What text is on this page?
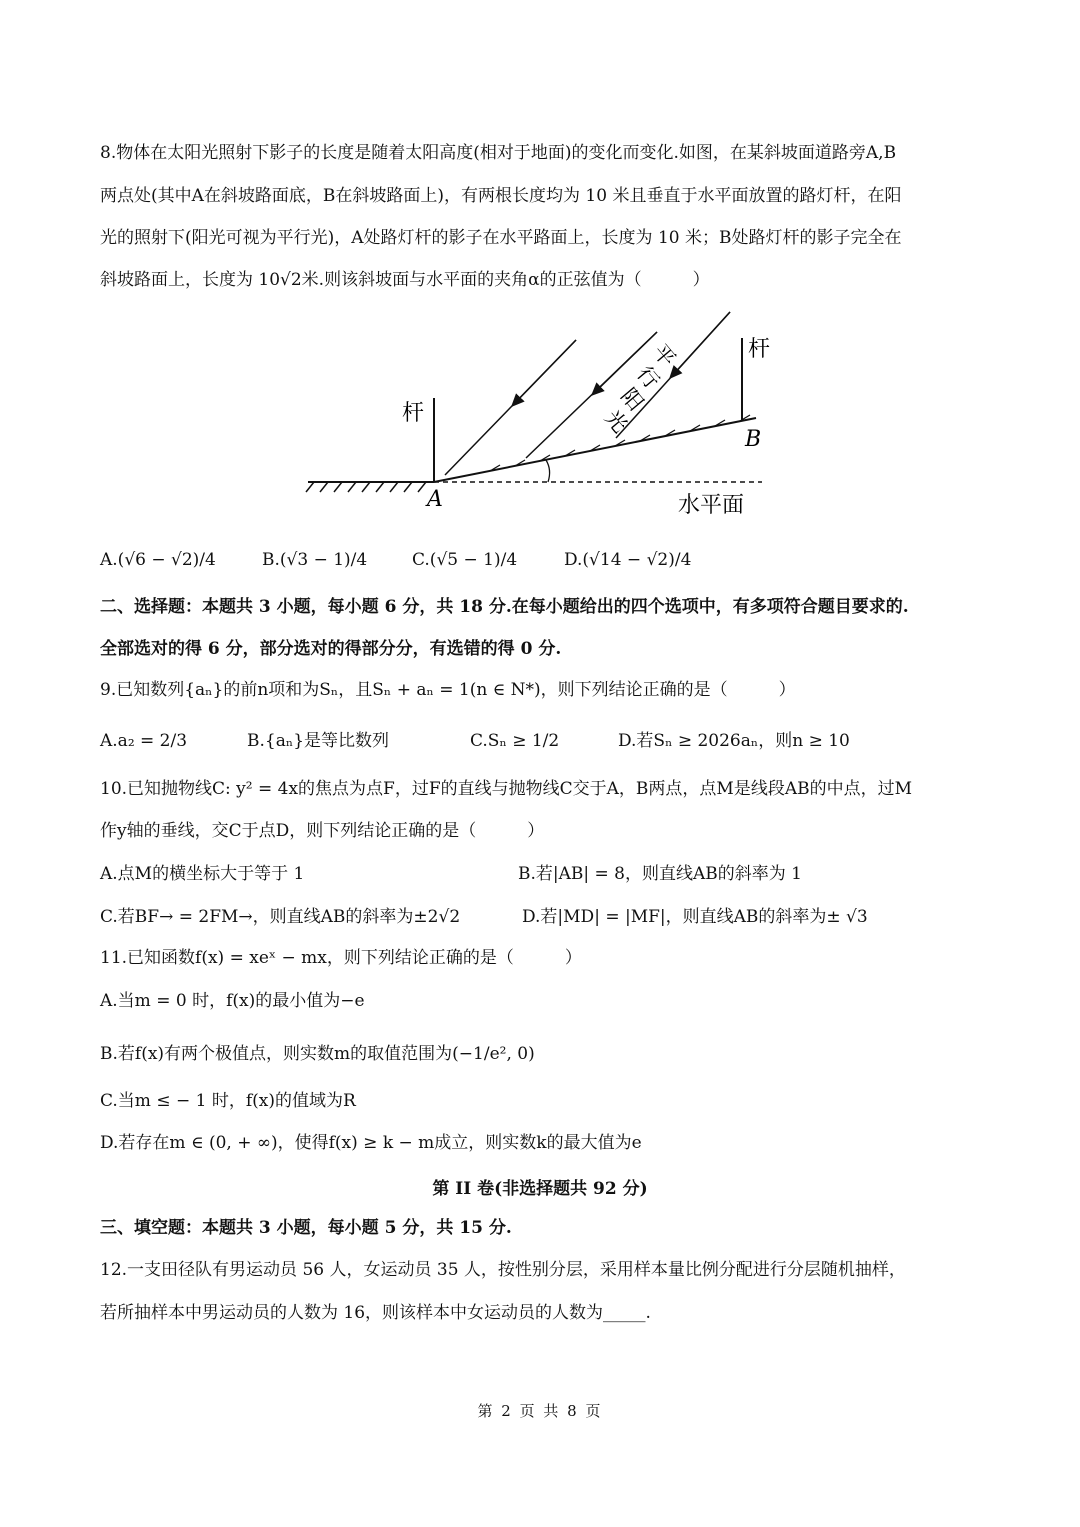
8.物体在太阳光照射下影子的长度是随着太阳高度(相对于地面)的变化而变化.如图，在某斜坡面道路旁A,B
两点处(其中A在斜坡路面底，B在斜坡路面上)，有两根长度均为 10 米且垂直于水平面放置的路灯杆，在阳
光的照射下(阳光可视为平行光)，A处路灯杆的影子在水平路面上，长度为 10 米；B处路灯杆的影子完全在
斜坡路面上，长度为 10√2米.则该斜坡面与水平面的夹角α的正弦值为（　　　）
杆
杆
A
B
水平面
平
行
阳
光
A.(√6 − √2)/4	B.(√3 − 1)/4	C.(√5 − 1)/4	D.(√14 − √2)/4
二、选择题：本题共 3 小题，每小题 6 分，共 18 分.在每小题给出的四个选项中，有多项符合题目要求的.
全部选对的得 6 分，部分选对的得部分分，有选错的得 0 分.
9.已知数列{aₙ}的前n项和为Sₙ，且Sₙ + aₙ = 1(n ∈ N*)，则下列结论正确的是（　　　）
A.a₂ = 2/3	B.{aₙ}是等比数列	C.Sₙ ≥ 1/2	D.若Sₙ ≥ 2026aₙ，则n ≥ 10
10.已知抛物线C: y² = 4x的焦点为点F，过F的直线与抛物线C交于A，B两点，点M是线段AB的中点，过M
作y轴的垂线，交C于点D，则下列结论正确的是（　　　）
A.点M的横坐标大于等于 1	B.若|AB| = 8，则直线AB的斜率为 1
C.若BF→ = 2FM→，则直线AB的斜率为±2√2	D.若|MD| = |MF|，则直线AB的斜率为± √3
11.已知函数f(x) = xeˣ − mx，则下列结论正确的是（　　　）
A.当m = 0 时，f(x)的最小值为−e
B.若f(x)有两个极值点，则实数m的取值范围为(−1/e², 0)
C.当m ≤ − 1 时，f(x)的值域为R
D.若存在m ∈ (0, + ∞)，使得f(x) ≥ k − m成立，则实数k的最大值为e
第 II 卷(非选择题共 92 分)
三、填空题：本题共 3 小题，每小题 5 分，共 15 分.
12.一支田径队有男运动员 56 人，女运动员 35 人，按性别分层，采用样本量比例分配进行分层随机抽样，
若所抽样本中男运动员的人数为 16，则该样本中女运动员的人数为_____.
第 2 页 共 8 页
